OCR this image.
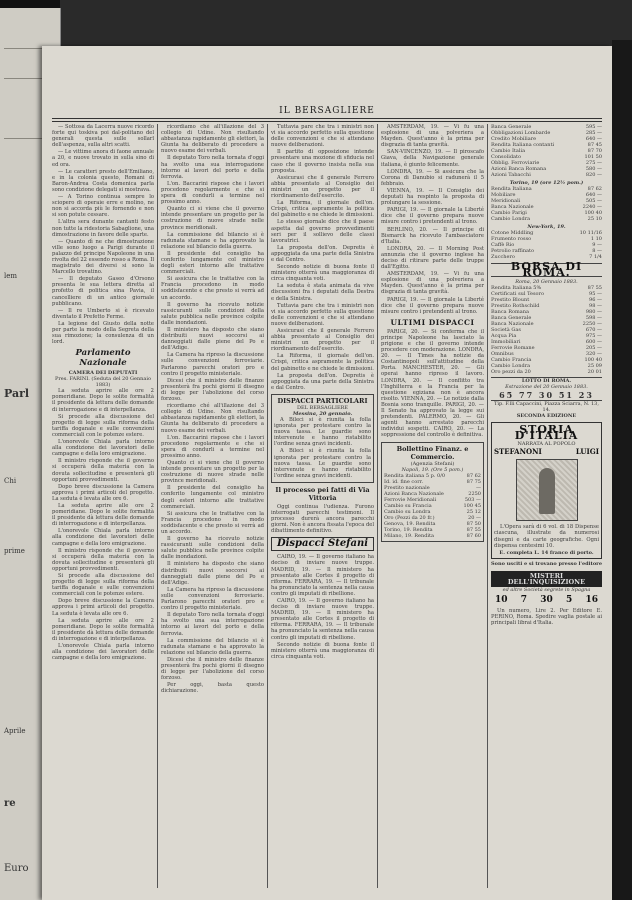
Parl
lem
Chi
prime
Aprile
re
Euro
IL BERSAGLIERE

— Sottosa da Lacerra nuove ricordo forte qui toskiva poi dal-politano del generali questa sulle sollarl dell'aspenza, sulla altri scatti.

— Le vittime anora di faone annuale a 20, e nuove trovato in sulla sino di ed ora.

— Le caratteri presto dell'Emiliano, e in la colonia questo, Romani di Baron-Andrea Costa domenica parla sono condizione delegati si mostrava.

— A Torino continua sempre lo sciopero di operaie erre e molino, ne non si accorda più le fornendo e non si son potute cessare.

L'altra sera dunante cantanti festo non tutte la ridestoria Sabaglione, una dimostrazione in favore delle sparte.

— Quanto dì ne che dimostrazione ville sono luogo a Parigi durante il palazzo del principe Napoleone in una rivolta del 22 essendo rosso a Roma. Il magistrato dei diversi si sono la Marcello trovatino.

— Il deputato Gaseo d'Orsono presenta le sua lettera diretta al profetto di politica sina Pavia, il cancelliere di un antico giornale pubblicano.

— Il re Umberto si è ricevato diventato il Prefetto Ferme.

La legione del Giusto della notte per parte la modo della Segreta della sua rimozione; la consulenza di un lord.

Parlamento Nazionale
CAMERA DEI DEPUTATI
Pres. FARINI. (Seduta del 20 Gennaio 1883)

La seduta aprire alle ore 2 pomeridiane. Dopo le solite formalità il presidente dà lettura delle domande di interrogazione e di interpellanza.

Si procede alla discussione del progetto di legge sulla riforma della tariffa doganale e sulle convenzioni commerciali con le potenze estere.

L'onorevole Chiala parla intorno alla condizione dei lavoratori delle campagne e della loro emigrazione.

Il ministro risponde che il governo si occuperà della materia con la dovuta sollecitudine e presenterà gli opportuni provvedimenti.

Dopo breve discussione la Camera approva i primi articoli del progetto. La seduta è levata alle ore 6.

La seduta aprire alle ore 2 pomeridiane. Dopo le solite formalità il presidente dà lettura delle domande di interrogazione e di interpellanza.

L'onorevole Chiala parla intorno alla condizione dei lavoratori delle campagne e della loro emigrazione.

Il ministro risponde che il governo si occuperà della materia con la dovuta sollecitudine e presenterà gli opportuni provvedimenti.

Si procede alla discussione del progetto di legge sulla riforma della tariffa doganale e sulle convenzioni commerciali con le potenze estere.

Dopo breve discussione la Camera approva i primi articoli del progetto. La seduta è levata alle ore 6.

La seduta aprire alle ore 2 pomeridiane. Dopo le solite formalità il presidente dà lettura delle domande di interrogazione e di interpellanza.

L'onorevole Chiala parla intorno alla condizione dei lavoratori delle campagne e della loro emigrazione.

ricordiamo ché all'illazione del 3 collegio di Udine. Non risultando abbastanza rapidamente gli elettori, la Giunta ha deliberato di procedere a nuovo esame dei verbali.

Il deputato Toro nella tornata d'oggi ha svolto una sua interrogazione intorno ai lavori del porto e della ferrovia.

L'on. Baccarini rispose che i lavori procedono regolarmente e che si spera di condurli a termine nel prossimo anno.

Quanto ci si viene che il governo intende presentare un progetto per la costruzione di nuove strade nelle province meridionali.

La commissione del bilancio si è radunata stamane e ha approvato la relazione sul bilancio della guerra.

Il presidente del consiglio ha conferito lungamente col ministro degli esteri intorno alle trattative commerciali.

Si assicura che le trattative con la Francia procedono in modo soddisfacente e che presto si verrà ad un accordo.

Il governo ha ricevuto notizie rassicuranti sulle condizioni della salute pubblica nelle province colpite dalle inondazioni.

Il ministero ha disposto che siano distribuiti nuovi soccorsi ai danneggiati dalle piene del Po e dell'Adige.

La Camera ha ripreso la discussione sulle convenzioni ferroviarie. Parlarono parecchi oratori pro e contro il progetto ministeriale.

Dicesi che il ministro delle finanze presenterà fra pochi giorni il disegno di legge per l'abolizione del corso forzoso.

ricordiamo ché all'illazione del 3 collegio di Udine. Non risultando abbastanza rapidamente gli elettori, la Giunta ha deliberato di procedere a nuovo esame dei verbali.

L'on. Baccarini rispose che i lavori procedono regolarmente e che si spera di condurli a termine nel prossimo anno.

Quanto ci si viene che il governo intende presentare un progetto per la costruzione di nuove strade nelle province meridionali.

Il presidente del consiglio ha conferito lungamente col ministro degli esteri intorno alle trattative commerciali.

Si assicura che le trattative con la Francia procedono in modo soddisfacente e che presto si verrà ad un accordo.

Il governo ha ricevuto notizie rassicuranti sulle condizioni della salute pubblica nelle province colpite dalle inondazioni.

Il ministero ha disposto che siano distribuiti nuovi soccorsi ai danneggiati dalle piene del Po e dell'Adige.

La Camera ha ripreso la discussione sulle convenzioni ferroviarie. Parlarono parecchi oratori pro e contro il progetto ministeriale.

Il deputato Toro nella tornata d'oggi ha svolto una sua interrogazione intorno ai lavori del porto e della ferrovia.

La commissione del bilancio si è radunata stamane e ha approvato la relazione sul bilancio della guerra.

Dicesi che il ministro delle finanze presenterà fra pochi giorni il disegno di legge per l'abolizione del corso forzoso.

Per oggi, basta questo dichiarazione.

Tuttavia pare che tra i ministri non vi sia accordo perfetto sulla questione delle convenzioni e che si attendano nuove deliberazioni.

Il partito di opposizione intende presentare una mozione di sfiducia nel caso che il governo insista nella sua proposta.

Assicurasi che il generale Ferrero abbia presentato al Consiglio dei ministri un progetto per il riordinamento dell'esercito.

La Riforma, il giornale dell'on. Crispi, critica aspramente la politica del gabinetto e ne chiede le dimissioni.

Lo stesso giornale dice che il paese aspetta dal governo provvedimenti seri per il sollievo delle classi lavoratrici.

La proposta dell'on. Depretis è appoggiata da una parte della Sinistra e dal Centro.

Secondo notizie di buona fonte il ministero otterrà una maggioranza di circa cinquanta voti.

La seduta è stata animata da vive discussioni fra i deputati della Destra e della Sinistra.

Tuttavia pare che tra i ministri non vi sia accordo perfetto sulla questione delle convenzioni e che si attendano nuove deliberazioni.

Assicurasi che il generale Ferrero abbia presentato al Consiglio dei ministri un progetto per il riordinamento dell'esercito.

La Riforma, il giornale dell'on. Crispi, critica aspramente la politica del gabinetto e ne chiede le dimissioni.

La proposta dell'on. Depretis è appoggiata da una parte della Sinistra e dal Centro.

DISPACCI PARTICOLARI
DEL BERSAGLIERE
Messina, 20 gennaio.

A Bileci si è riunita la folla ignorata per protestare contro la nuova tassa. Le guardie sono intervenute e hanno ristabilito l'ordine senza gravi incidenti.

A Bileci si è riunita la folla ignorata per protestare contro la nuova tassa. Le guardie sono intervenute e hanno ristabilito l'ordine senza gravi incidenti.

Il processo pei fatti di Via Vittoria

Oggi continua l'udienza. Furono interrogati parecchi testimoni. Il processo durerà ancora parecchi giorni. Non è ancora fissata l'epoca del dibattimento definitivo.

Dispacci Stefani

CAIRO, 19. — Il governo italiano ha deciso di inviare nuove truppe. MADRID, 19. — Il ministero ha presentato alle Cortes il progetto di riforma. FERRARA, 19. — Il tribunale ha pronunciato la sentenza nella causa contro gli imputati di ribellione.

CAIRO, 19. — Il governo italiano ha deciso di inviare nuove truppe. MADRID, 19. — Il ministero ha presentato alle Cortes il progetto di riforma. FERRARA, 19. — Il tribunale ha pronunciato la sentenza nella causa contro gli imputati di ribellione.

Secondo notizie di buona fonte il ministero otterrà una maggioranza di circa cinquanta voti.

AMSTERDAM, 19. — Vi fu una esplosione di una polveriera a Mayden. Quest'anno è la prima per disgrazia di tanta gravità.

SAN-VINCENZO, 19. — Il piroscafo Giava, della Navigazione generale italiana, è giunto felicemente.

LONDRA, 19. — Si assicura che la Corona di Danubio si radunerà il 5 febbraio.

VIENNA, 19. — Il Consiglio dei deputati ha respinto la proposta di prolungare la sessione.

PARIGI, 19. — Il giornale la Liberté dice che il governo prepara nuove misure contro i pretendenti al trono.

BERLINO, 20. — Il principe di Bismarck ha ricevuto l'ambasciatore d'Italia.

LONDRA, 20. — Il Morning Post annunzia che il governo inglese ha deciso di ritirare parte delle truppe dall'Egitto.

AMSTERDAM, 19. — Vi fu una esplosione di una polveriera a Mayden. Quest'anno è la prima per disgrazia di tanta gravità.

PARIGI, 19. — Il giornale la Liberté dice che il governo prepara nuove misure contro i pretendenti al trono.

ULTIMI DISPACCI

PARIGI, 20. — Si conferma che il principe Napoleone ha lasciato la prigione e che il governo intende procedere con moderazione. LONDRA, 20. — Il Times ha notizie da Costantinopoli sull'attitudine della Porta. MANCHESTER, 20. — Gli operai hanno ripreso il lavoro. LONDRA, 20. — Il conflitto tra l'Inghilterra e la Francia per la questione egiziana non è ancora risolto. VIENNA, 20. — Le notizie dalla Bosnia sono tranquille. PARIGI, 20. — Il Senato ha approvato la legge sui pretendenti. PALERMO, 20. — Gli agenti hanno arrestato parecchi individui sospetti. CAIRO, 20. — La soppressione del controllo è definitiva.

Bollettino Finanz. e Commercio.
(Agenzia Stefani)
Napoli, 19. (Ore 5 pom.)
Rendita italiana 5 p. 0/0	87 62
Id. id. fine corr.	87 75
Prestito nazionale	—
Azioni Banca Nazionale	2250
Ferrovie Meridionali	503 —
Cambio su Francia	100 45
Cambio su Londra	25 12
Oro (Pezzi da 20 fr.)	20 —
Genova, 19. Rendita	87 50
Torino, 19. Rendita	87 55
Milano, 19. Rendita	87 60
Banca Generale	595 —
Obbligazioni Lombarde	285 —
Credito Mobiliare	640 —
Rendita Italiana contanti	87 45
Cambio Italia	87 70
Consolidato	101 50
Obblig. Ferroviarie	275 —
Azioni Banca Romana	580 —
Azioni Tabacchi	820 —
Torino, 19 (ore 12½ pom.)
Rendita Italiana	87 62
Mobiliare	640 —
Meridionali	505 —
Banca Nazionale	2240 —
Cambio Parigi	100 40
Cambio Londra	25 10
New-York, 19.
Cotone Middling	10 11/16
Frumento rosso	1 10
Caffè Rio	9 —
Petrolio raffinato	8 —
Zucchero	7 1/4
BORSA DI ROMA.
Roma, 20 Gennaio 1883.
Rendita Italiana 5%	87 55
Certificati sul Tesoro	95 —
Prestito Blount	96 —
Prestito Rothschild	98 —
Banca Romana	980 —
Banca Generale	598 —
Banca Nazionale	2250 —
Società Gas	670 —
Acqua Pia	975 —
Immobiliari	600 —
Ferrovie Romane	205 —
Omnibus	320 —
Cambio Francia	100 40
Cambio Londra	25 09
Oro pezzi da 20	20 01
LOTTO DI ROMA.
Estrazione del 20 Gennaio 1883.
65 77 30 51 23
Tip. F.lli Capaccini, Piazza Sciarra, N. 13, 14.
SECONDA EDIZIONE
STORIA D'ITALIA
NARRATA AL POPOLO
STEFANONI	LUIGI

L'Opera sarà di 6 vol. di 18 Dispense ciascuna, illustrate da numerosi disegni e da carte geografiche. Ogni dispensa centesimi 10.

E. completa L. 14 franco di porto.
Sono usciti e si trovano presso l'editore
MISTERI DELL'INQUISIZIONE
ed altre Società segrete in Spagna
10 7 30 5 16

Un numero, Lire 2. Per Editore E. PERINO, Roma. Spedire vaglia postale ai principali librai d'Italia.
